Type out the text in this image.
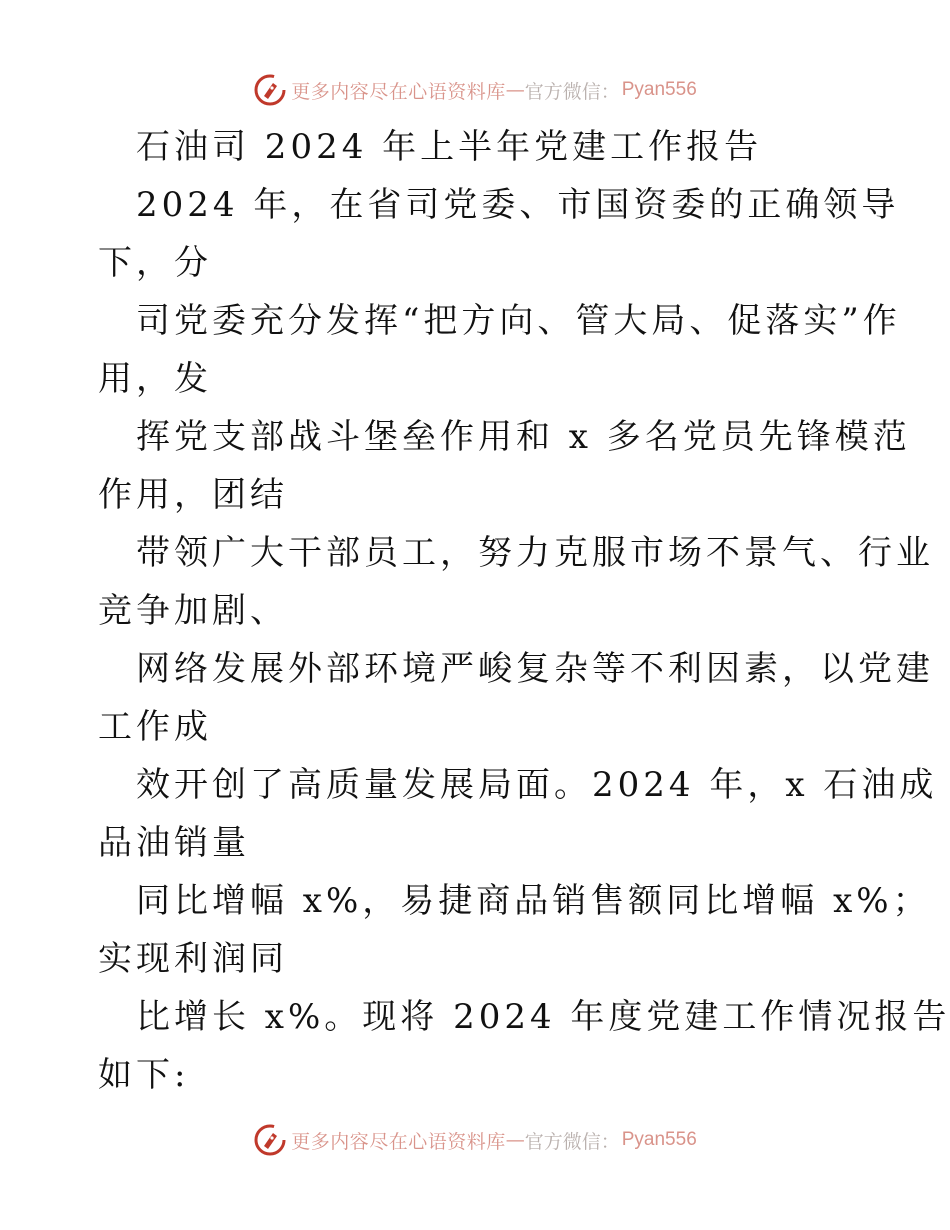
更多内容尽在心语资料库 — 官方微信： Pyan556
石油司 2024 年上半年党建工作报告
2024 年，在省司党委、市国资委的正确领导
下，分
司党委充分发挥“把方向、管大局、促落实”作
用，发
挥党支部战斗堡垒作用和 x 多名党员先锋模范
作用，团结
带领广大干部员工，努力克服市场不景气、行业
竞争加剧、
网络发展外部环境严峻复杂等不利因素，以党建
工作成
效开创了高质量发展局面。2024 年，x 石油成
品油销量
同比增幅 x%，易捷商品销售额同比增幅 x%；
实现利润同
比增长 x%。现将 2024 年度党建工作情况报告
如下:
更多内容尽在心语资料库 — 官方微信： Pyan556
